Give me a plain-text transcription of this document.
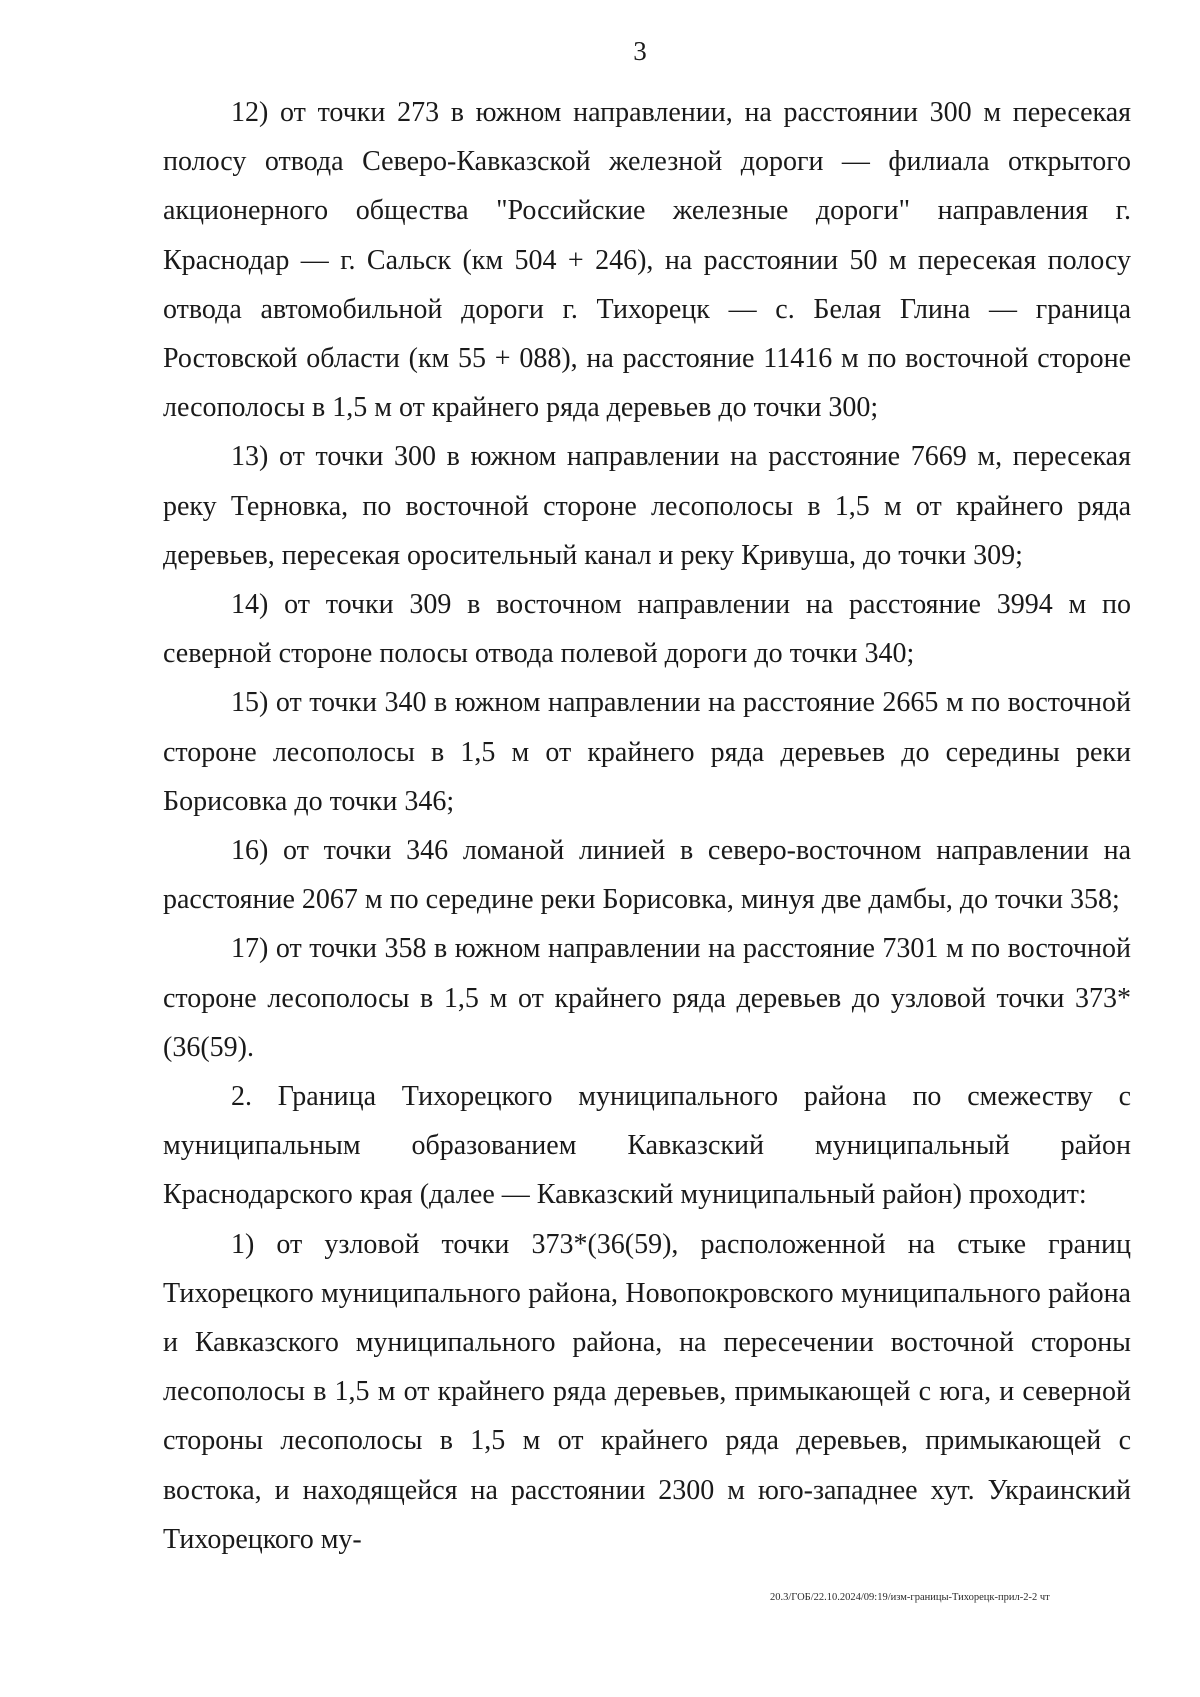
3

12) от точки 273 в южном направлении, на расстоянии 300 м пересекая полосу отвода Северо-Кавказской железной дороги — филиала открытого акционерного общества "Российские железные дороги" направления г. Краснодар — г. Сальск (км 504 + 246), на расстоянии 50 м пересекая полосу отвода автомобильной дороги г. Тихорецк — с. Белая Глина — граница Ростовской области (км 55 + 088), на расстояние 11416 м по восточной стороне лесополосы в 1,5 м от крайнего ряда деревьев до точки 300;

13) от точки 300 в южном направлении на расстояние 7669 м, пересекая реку Терновка, по восточной стороне лесополосы в 1,5 м от крайнего ряда деревьев, пересекая оросительный канал и реку Кривуша, до точки 309;

14) от точки 309 в восточном направлении на расстояние 3994 м по северной стороне полосы отвода полевой дороги до точки 340;

15) от точки 340 в южном направлении на расстояние 2665 м по восточной стороне лесополосы в 1,5 м от крайнего ряда деревьев до середины реки Борисовка до точки 346;

16) от точки 346 ломаной линией в северо-восточном направлении на расстояние 2067 м по середине реки Борисовка, минуя две дамбы, до точки 358;

17) от точки 358 в южном направлении на расстояние 7301 м по восточной стороне лесополосы в 1,5 м от крайнего ряда деревьев до узловой точки 373*(36(59).

2. Граница Тихорецкого муниципального района по смежеству с муниципальным образованием Кавказский муниципальный район Краснодарского края (далее — Кавказский муниципальный район) проходит:

1) от узловой точки 373*(36(59), расположенной на стыке границ Тихорецкого муниципального района, Новопокровского муниципального района и Кавказского муниципального района, на пересечении восточной стороны лесополосы в 1,5 м от крайнего ряда деревьев, примыкающей с юга, и северной стороны лесополосы в 1,5 м от крайнего ряда деревьев, примыкающей с востока, и находящейся на расстоянии 2300 м юго-западнее хут. Украинский Тихорецкого му-

20.3/ГОБ/22.10.2024/09:19/изм-границы-Тихорецк-прил-2-2 чт
